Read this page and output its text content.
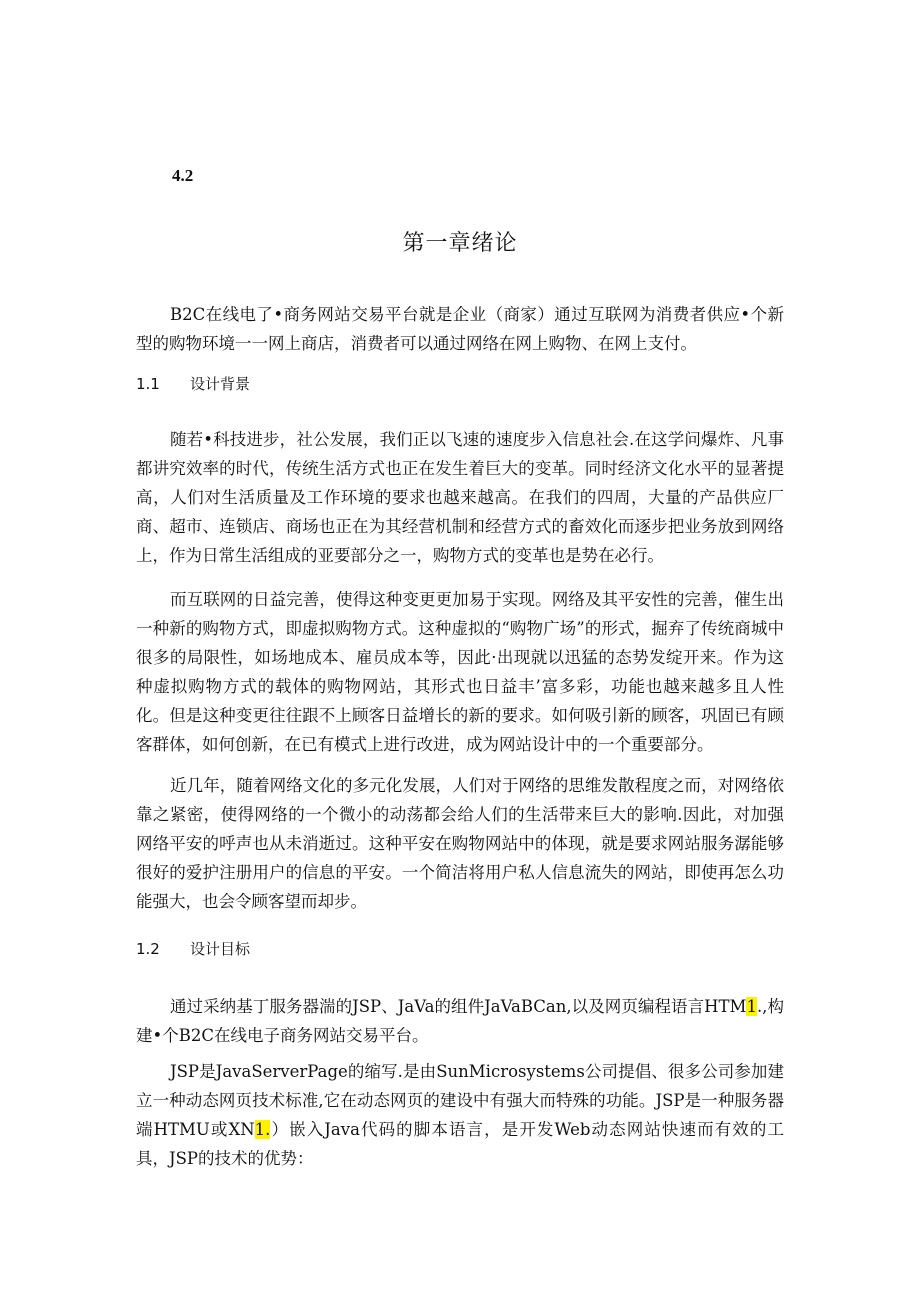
4.2
第一章绪论

B2C在线电了•商务网站交易平台就是企业（商家）通过互联网为消费者供应•个新型的购物环境一一网上商店，消费者可以通过网络在网上购物、在网上支付。

1.1 设计背景

随若•科技进步，社公发展，我们正以飞速的速度步入信息社会.在这学问爆炸、凡事都讲究效率的时代，传统生活方式也正在发生着巨大的变革。同时经济文化水平的显著提高，人们对生活质量及工作环境的要求也越来越高。在我们的四周，大量的产品供应厂商、超市、连锁店、商场也正在为其经营机制和经营方式的畜效化而逐步把业务放到网络上，作为日常生活组成的亚要部分之一，购物方式的变革也是势在必行。

而互联网的日益完善，使得这种变更更加易于实现。网络及其平安性的完善，催生出一种新的购物方式，即虚拟购物方式。这种虚拟的“购物广场”的形式，掘弃了传统商城中很多的局限性，如场地成本、雇员成本等，因此·出现就以迅猛的态势发绽开来。作为这种虚拟购物方式的载体的购物网站，其形式也日益丰’富多彩，功能也越来越多且人性化。但是这种变更往往跟不上顾客日益增长的新的要求。如何吸引新的顾客，巩固已有顾客群体，如何创新，在已有模式上进行改进，成为网站设计中的一个重要部分。

近几年，随着网络文化的多元化发展，人们对于网络的思维发散程度之而，对网络依靠之紧密，使得网络的一个微小的动荡都会给人们的生活带来巨大的影响.因此，对加强网络平安的呼声也从未消逝过。这种平安在购物网站中的体现，就是要求网站服务潺能够很好的爱护注册用户的信息的平安。一个简洁将用户私人信息流失的网站，即使再怎么功能强大，也会令顾客望而却步。

1.2 设计目标

通过采纳基丁服务器湍的JSP、JaVa的组件JaVaBCan,以及网页编程语言HTM1.,构建•个B2C在线电子商务网站交易平台。

JSP是JavaServerPage的缩写.是由SunMicrosystems公司提倡、很多公司参加建立一种动态网页技术标准,它在动态网页的建设中有强大而特殊的功能。JSP是一种服务器端HTMU或XN1.）嵌入Java代码的脚本语言，是开发Web动态网站快速而有效的工具，JSP的技术的优势：
